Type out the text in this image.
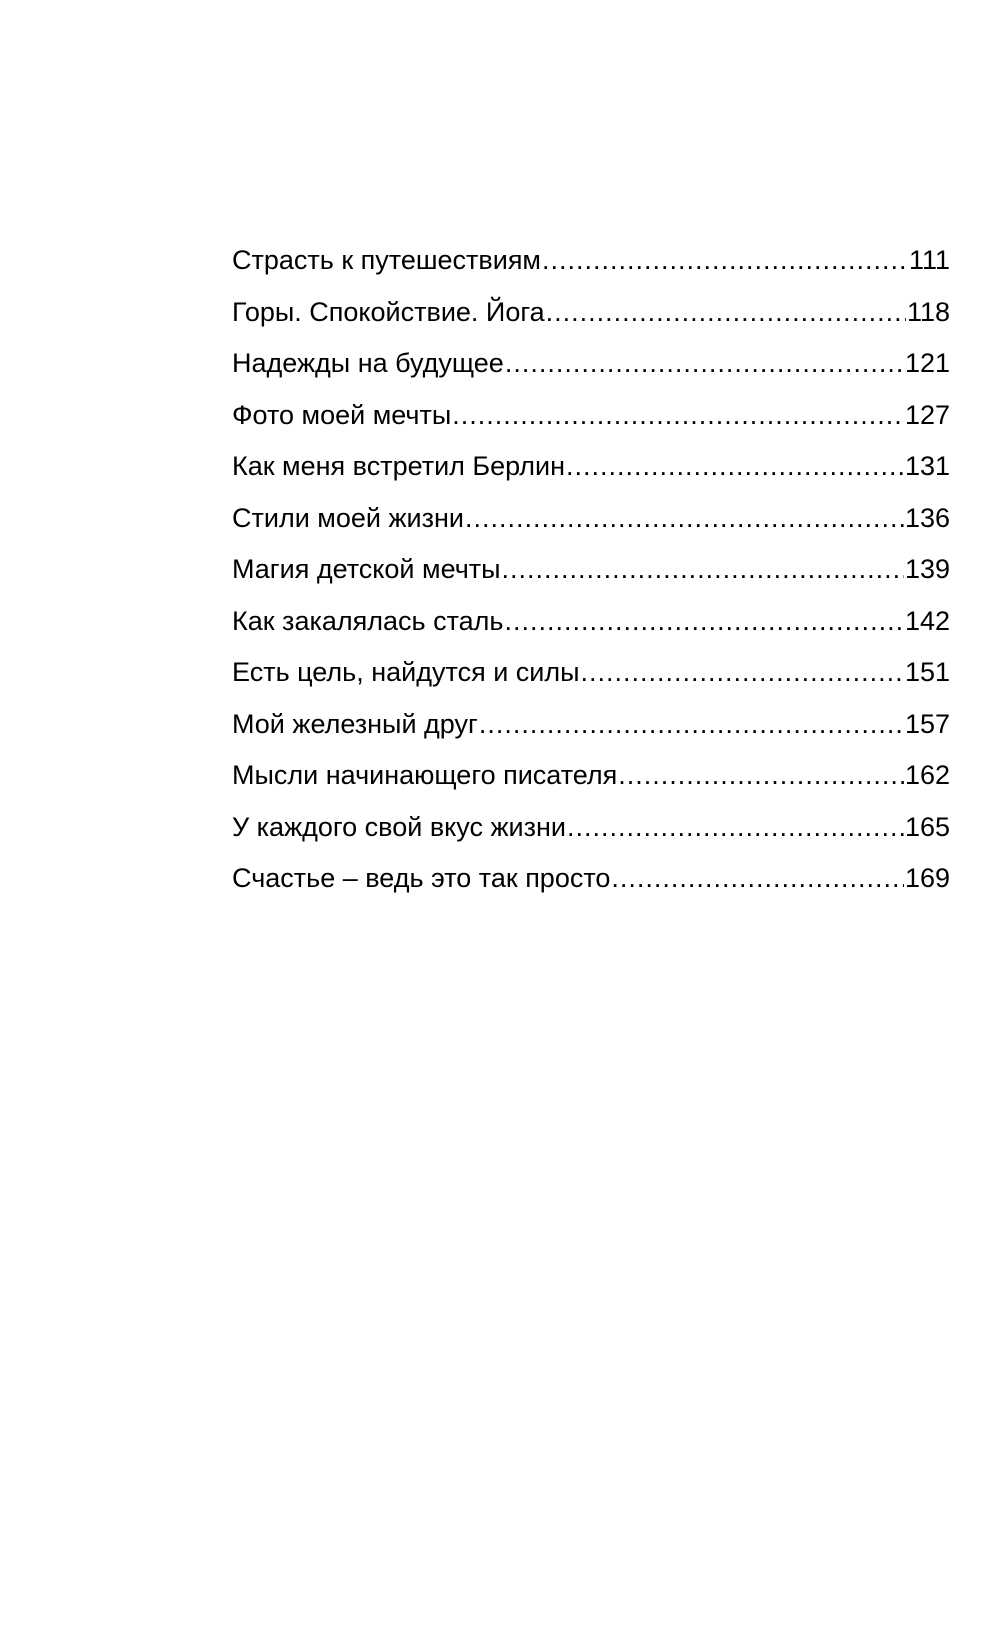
Страсть к путешествиям .....	111
Горы. Спокойствие. Йога .....	118
Надежды на будущее .....	121
Фото моей мечты .....	127
Как меня встретил Берлин .....	131
Стили моей жизни .....	136
Магия детской мечты .....	139
Как закалялась сталь .....	142
Есть цель, найдутся и силы .....	151
Мой железный друг .....	157
Мысли начинающего писателя .....	162
У каждого свой вкус жизни .....	165
Счастье – ведь это так просто .....	169
